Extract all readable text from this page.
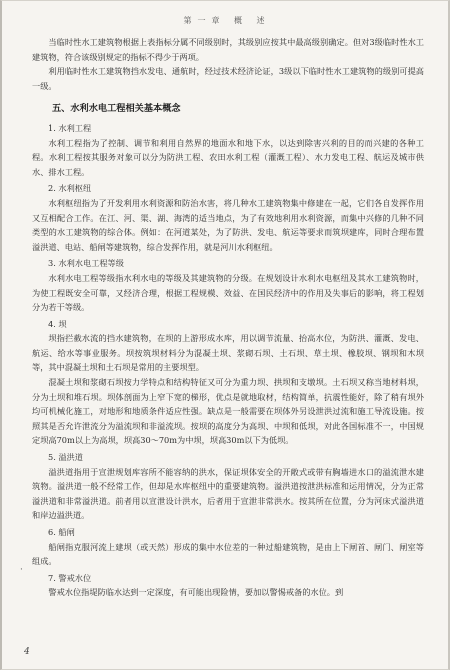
第一章 概 述

当临时性水工建筑物根据上表指标分属不同级别时，其级别应按其中最高级别确定。但对3级临时性水工建筑物，符合该级别规定的指标不得少于两项。

利用临时性水工建筑物挡水发电、通航时，经过技术经济论证，3级以下临时性水工建筑物的级别可提高一级。

五、水利水电工程相关基本概念
1. 水利工程

水利工程指为了控制、调节和利用自然界的地面水和地下水，以达到除害兴利的目的而兴建的各种工程。水利工程按其服务对象可以分为防洪工程、农田水利工程（灌溉工程）、水力发电工程、航运及城市供水、排水工程。

2. 水利枢纽

水利枢纽指为了开发利用水利资源和防治水害，将几种水工建筑物集中修建在一起，它们各自发挥作用又互相配合工作。在江、河、渠、湖、海湾的适当地点，为了有效地利用水利资源，而集中兴修的几种不同类型的水工建筑物的综合体。例如：在河道某处，为了防洪、发电、航运等要求而筑坝建库，同时合理布置溢洪道、电站、船闸等建筑物，综合发挥作用，就是河川水利枢纽。

3. 水利水电工程等级

水利水电工程等级指水利水电的等级及其建筑物的分级。在规划设计水利水电枢纽及其水工建筑物时，为使工程既安全可靠，又经济合理，根据工程规模、效益、在国民经济中的作用及失事后的影响，将工程划分为若干等级。

4. 坝

坝指拦截水流的挡水建筑物，在坝的上游形成水库，用以调节流量、抬高水位，为防洪、灌溉、发电、航运、给水等事业服务。坝按筑坝材料分为混凝土坝、浆砌石坝、土石坝、草土坝、橡胶坝、钢坝和木坝等，其中混凝土坝和土石坝是常用的主要坝型。

混凝土坝和浆砌石坝按力学特点和结构特征又可分为重力坝、拱坝和支墩坝。土石坝又称当地材料坝，分为土坝和堆石坝。坝体剖面为上窄下宽的梯形，优点是就地取材，结构简单，抗震性能好，除了稍有坝外均可机械化施工，对地形和地质条件适应性强。缺点是一般需要在坝体外另设泄洪过流和施工导流设施。按照其是否允许泄流分为溢流坝和非溢流坝。按坝的高度分为高坝、中坝和低坝，对此各国标准不一，中国规定坝高70m以上为高坝，坝高30～70m为中坝，坝高30m以下为低坝。

5. 溢洪道

溢洪道指用于宣泄规划库容所不能容纳的洪水，保证坝体安全的开敞式或带有胸墙进水口的溢流泄水建筑物。溢洪道一般不经常工作，但却是水库枢纽中的重要建筑物。溢洪道按泄洪标准和运用情况，分为正常溢洪道和非常溢洪道。前者用以宣泄设计洪水，后者用于宣泄非常洪水。按其所在位置，分为河床式溢洪道和岸边溢洪道。

6. 船闸

船闸指克服河流上建坝（或天然）形成的集中水位差的一种过船建筑物，是由上下闸首、闸门、闸室等组成。

7. 警戒水位

警戒水位指堤防临水达到一定深度，有可能出现险情，要加以警惕戒备的水位。到

·
4
